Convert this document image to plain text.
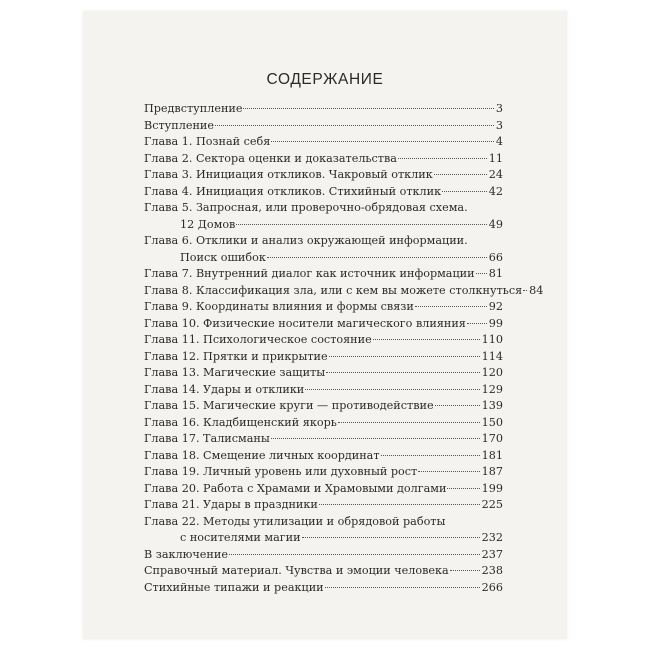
СОДЕРЖАНИЕ
Предвступление	3
Вступление	3
Глава 1. Познай себя	4
Глава 2. Сектора оценки и доказательства	11
Глава 3. Инициация откликов. Чакровый отклик	24
Глава 4. Инициация откликов. Стихийный отклик	42
Глава 5. Запросная, или проверочно-обрядовая схема.
12 Домов	49
Глава 6. Отклики и анализ окружающей информации.
Поиск ошибок	66
Глава 7. Внутренний диалог как источник информации 81
Глава 8. Классификация зла, или с кем вы можете столкнуться 84
Глава 9. Координаты влияния и формы связи	92
Глава 10. Физические носители магического влияния 99
Глава 11. Психологическое состояние	110
Глава 12. Прятки и прикрытие	114
Глава 13. Магические защиты	120
Глава 14. Удары и отклики	129
Глава 15. Магические круги — противодействие	139
Глава 16. Кладбищенский якорь	150
Глава 17. Талисманы	170
Глава 18. Смещение личных координат	181
Глава 19. Личный уровень или духовный рост	187
Глава 20. Работа с Храмами и Храмовыми долгами	199
Глава 21. Удары в праздники	225
Глава 22. Методы утилизации и обрядовой работы
с носителями магии	232
В заключение	237
Справочный материал. Чувства и эмоции человека	238
Стихийные типажи и реакции	266
